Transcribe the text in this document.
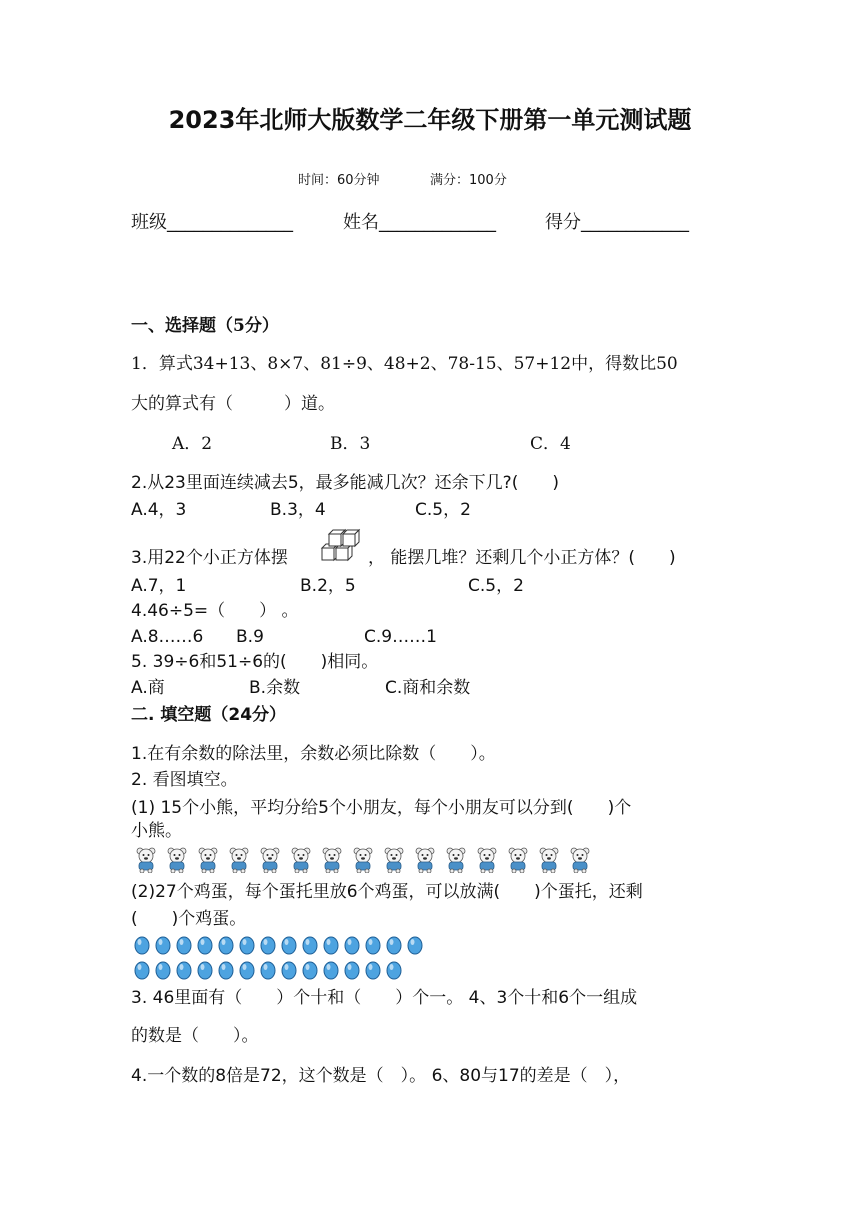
2023年北师大版数学二年级下册第一单元测试题
时间：60分钟	满分：100分
班级______________	姓名_____________	得分____________
一、选择题（5分）
1．算式34+13、8×7、81÷9、48+2、78-15、57+12中，得数比50
大的算式有（　　　）道。
A．2	B．3	C．4
2.从23里面连续减去5，最多能减几次？还余下几?(　　)
A.4，3	B.3，4	C.5，2
3.用22个小正方体摆	， 能摆几堆？还剩几个小正方体？(　　)
A.7，1	B.2，5	C.5，2
4.46÷5=（　　） 。
A.8……6 B.9	C.9……1
5. 39÷6和51÷6的(　　)相同。
A.商	B.余数	C.商和余数
二. 填空题（24分）
1.在有余数的除法里，余数必须比除数（　　）。
2. 看图填空。
(1) 15个小熊，平均分给5个小朋友，每个小朋友可以分到(　　)个
小熊。
(2)27个鸡蛋，每个蛋托里放6个鸡蛋，可以放满(　　)个蛋托，还剩
(　　)个鸡蛋。
3. 46里面有（　　）个十和（　　）个一。 4、3个十和6个一组成
的数是（　　）。
4.一个数的8倍是72，这个数是（　）。 6、80与17的差是（　），
